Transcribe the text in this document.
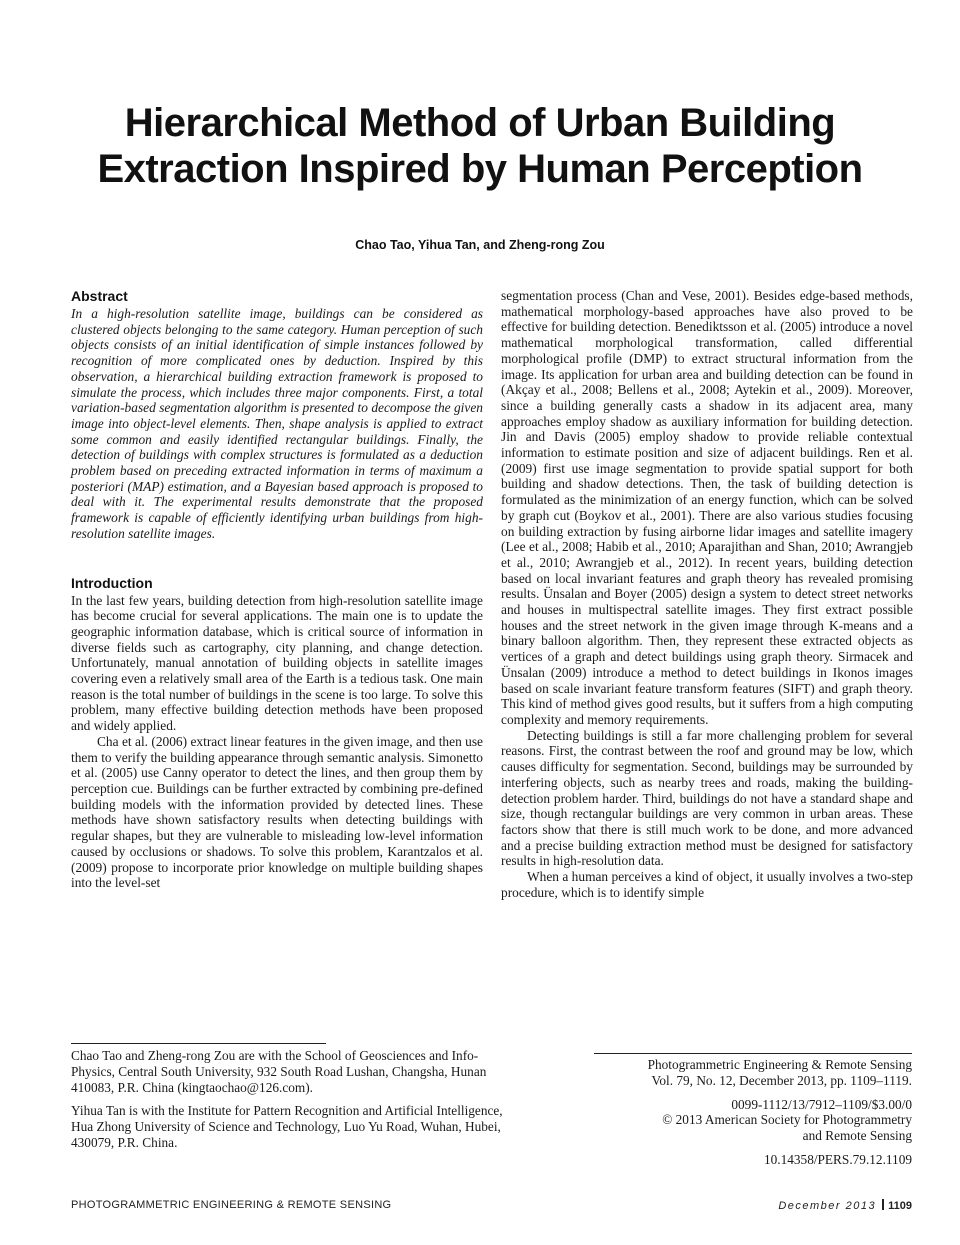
Hierarchical Method of Urban Building
Extraction Inspired by Human Perception
Chao Tao, Yihua Tan, and Zheng-rong Zou
Abstract

In a high-resolution satellite image, buildings can be considered as clustered objects belonging to the same category. Human perception of such objects consists of an initial identification of simple instances followed by recognition of more complicated ones by deduction. Inspired by this observation, a hierarchical building extraction framework is proposed to simulate the process, which includes three major components. First, a total variation-based segmentation algorithm is presented to decompose the given image into object-level elements. Then, shape analysis is applied to extract some common and easily identified rectangular buildings. Finally, the detection of buildings with complex structures is formulated as a deduction problem based on preceding extracted information in terms of maximum a posteriori (MAP) estimation, and a Bayesian based approach is proposed to deal with it. The experimental results demonstrate that the proposed framework is capable of efficiently identifying urban buildings from high-resolution satellite images.

Introduction

In the last few years, building detection from high-resolution satellite image has become crucial for several applications. The main one is to update the geographic information database, which is critical source of information in diverse fields such as cartography, city planning, and change detection. Unfortunately, manual annotation of building objects in satellite images covering even a relatively small area of the Earth is a tedious task. One main reason is the total number of buildings in the scene is too large. To solve this problem, many effective building detection methods have been proposed and widely applied.

Cha et al. (2006) extract linear features in the given image, and then use them to verify the building appearance through semantic analysis. Simonetto et al. (2005) use Canny operator to detect the lines, and then group them by perception cue. Buildings can be further extracted by combining pre-defined building models with the information provided by detected lines. These methods have shown satisfactory results when detecting buildings with regular shapes, but they are vulnerable to misleading low-level information caused by occlusions or shadows. To solve this problem, Karantzalos et al. (2009) propose to incorporate prior knowledge on multiple building shapes into the level-set

segmentation process (Chan and Vese, 2001). Besides edge-based methods, mathematical morphology-based approaches have also proved to be effective for building detection. Benediktsson et al. (2005) introduce a novel mathematical morphological transformation, called differential morphological profile (DMP) to extract structural information from the image. Its application for urban area and building detection can be found in (Akçay et al., 2008; Bellens et al., 2008; Aytekin et al., 2009). Moreover, since a building generally casts a shadow in its adjacent area, many approaches employ shadow as auxiliary information for building detection. Jin and Davis (2005) employ shadow to provide reliable contextual information to estimate position and size of adjacent buildings. Ren et al. (2009) first use image segmentation to provide spatial support for both building and shadow detections. Then, the task of building detection is formulated as the minimization of an energy function, which can be solved by graph cut (Boykov et al., 2001). There are also various studies focusing on building extraction by fusing airborne lidar images and satellite imagery (Lee et al., 2008; Habib et al., 2010; Aparajithan and Shan, 2010; Awrangjeb et al., 2010; Awrangjeb et al., 2012). In recent years, building detection based on local invariant features and graph theory has revealed promising results. Ünsalan and Boyer (2005) design a system to detect street networks and houses in multispectral satellite images. They first extract possible houses and the street network in the given image through K-means and a binary balloon algorithm. Then, they represent these extracted objects as vertices of a graph and detect buildings using graph theory. Sirmacek and Ünsalan (2009) introduce a method to detect buildings in Ikonos images based on scale invariant feature transform features (SIFT) and graph theory. This kind of method gives good results, but it suffers from a high computing complexity and memory requirements.

Detecting buildings is still a far more challenging problem for several reasons. First, the contrast between the roof and ground may be low, which causes difficulty for segmentation. Second, buildings may be surrounded by interfering objects, such as nearby trees and roads, making the building-detection problem harder. Third, buildings do not have a standard shape and size, though rectangular buildings are very common in urban areas. These factors show that there is still much work to be done, and more advanced and a precise building extraction method must be designed for satisfactory results in high-resolution data.

When a human perceives a kind of object, it usually involves a two-step procedure, which is to identify simple

Chao Tao and Zheng-rong Zou are with the School of Geosciences and Info-Physics, Central South University, 932 South Road Lushan, Changsha, Hunan 410083, P.R. China (kingtaochao@126.com).

Yihua Tan is with the Institute for Pattern Recognition and Artificial Intelligence, Hua Zhong University of Science and Technology, Luo Yu Road, Wuhan, Hubei, 430079, P.R. China.

Photogrammetric Engineering & Remote Sensing
Vol. 79, No. 12, December 2013, pp. 1109–1119.

0099-1112/13/7912–1109/$3.00/0
© 2013 American Society for Photogrammetry
and Remote Sensing

10.14358/PERS.79.12.1109

PHOTOGRAMMETRIC ENGINEERING & REMOTE SENSING	December 2013 1109
